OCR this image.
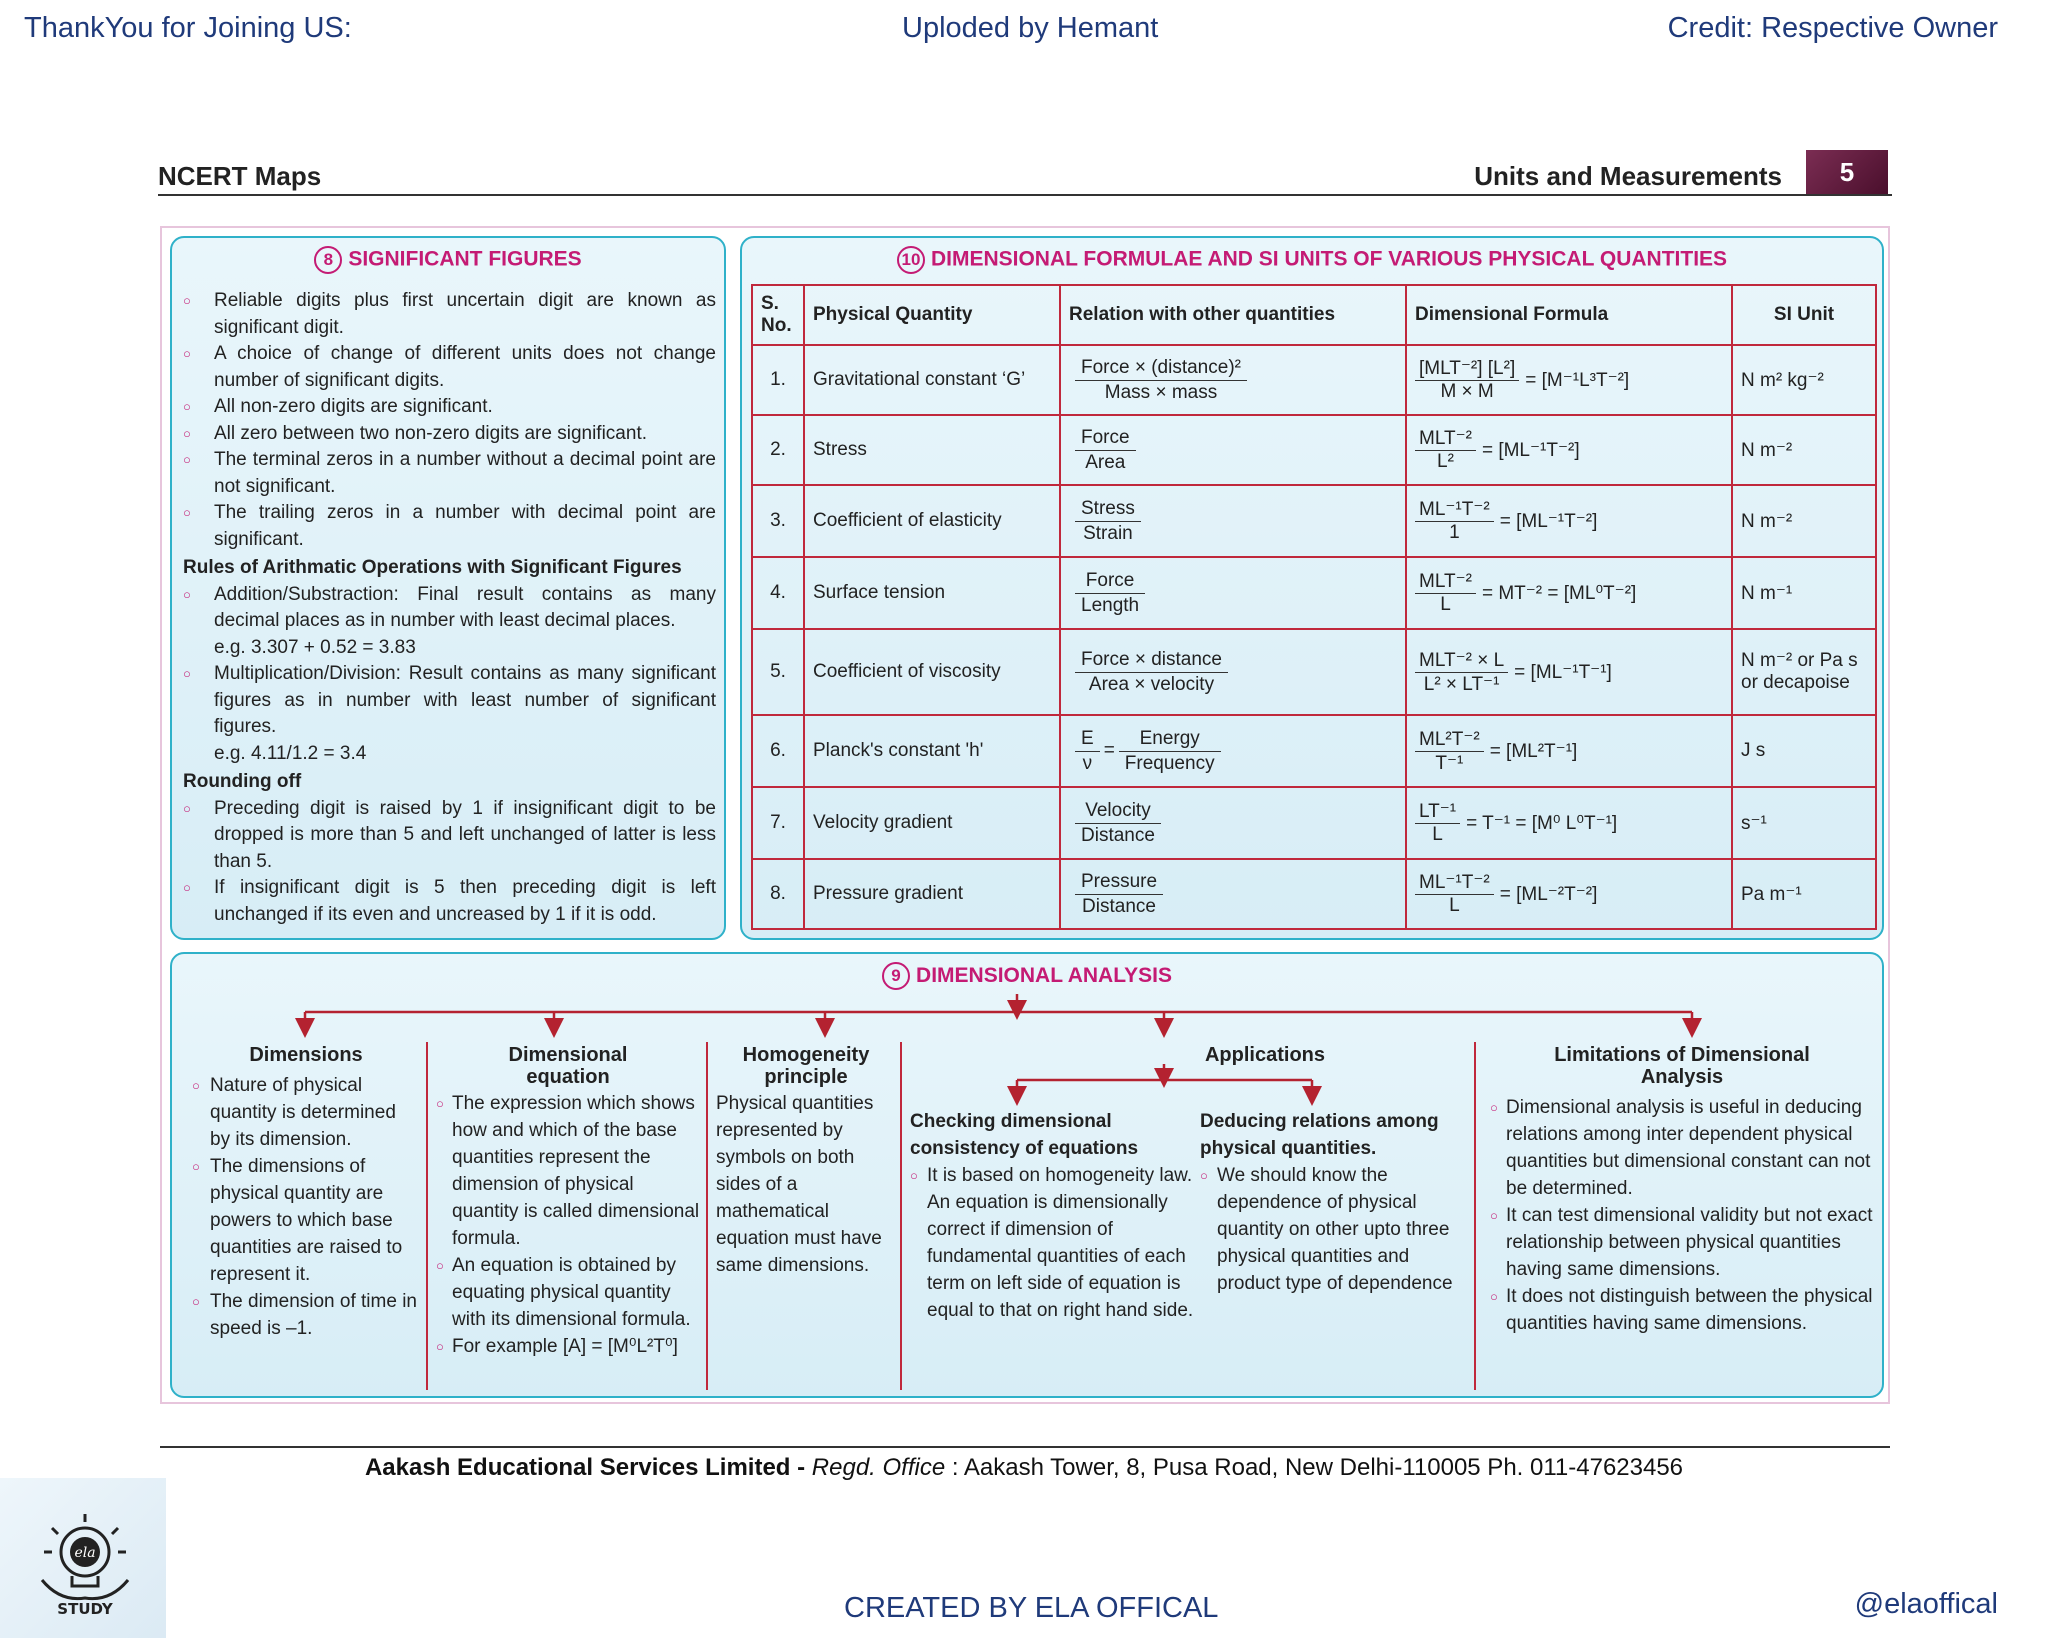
ThankYou for Joining US:	Uploded by Hemant	Credit: Respective Owner
NCERT Maps	Units and Measurements	5
8 SIGNIFICANT FIGURES
○ Reliable digits plus first uncertain digit are known as significant digit.
○ A choice of change of different units does not change number of significant digits.
○ All non-zero digits are significant.
○ All zero between two non-zero digits are significant.
○ The terminal zeros in a number without a decimal point are not significant.
○ The trailing zeros in a number with decimal point are significant.
Rules of Arithmatic Operations with Significant Figures
○ Addition/Substraction: Final result contains as many decimal places as in number with least decimal places.
e.g. 3.307 + 0.52 = 3.83
○ Multiplication/Division: Result contains as many significant figures as in number with least number of significant figures.
e.g. 4.11/1.2 = 3.4
Rounding off
○ Preceding digit is raised by 1 if insignificant digit to be dropped is more than 5 and left unchanged of latter is less than 5.
○ If insignificant digit is 5 then preceding digit is left unchanged if its even and uncreased by 1 if it is odd.
10 DIMENSIONAL FORMULAE AND SI UNITS OF VARIOUS PHYSICAL QUANTITIES
S. No.	Physical Quantity	Relation with other quantities	Dimensional Formula	SI Unit
1.	Gravitational constant ‘G’	$\frac{\text{Force × (distance)²}}{\text{Mass × mass}}$	$\frac{\text{[MLT⁻²] [L²]}}{M \times M} = [M^{-1}L^3T^{-2}]$	N m² kg⁻²
2.	Stress	$\frac{\text{Force}}{\text{Area}}$	$\frac{\text{MLT⁻²}}{\text{L²}} = [ML^{-1}T^{-2}]$	N m⁻²
3.	Coefficient of elasticity	$\frac{\text{Stress}}{\text{Strain}}$	$\frac{\text{ML⁻¹T⁻²}}{1} = [ML^{-1}T^{-2}]$	N m⁻²
4.	Surface tension	$\frac{\text{Force}}{\text{Length}}$	$\frac{\text{MLT⁻²}}{L} = MT^{-2} = [ML^0T^{-2}]$	N m⁻¹
5.	Coefficient of viscosity	$\frac{\text{Force × distance}}{\text{Area × velocity}}$	$\frac{\text{MLT⁻² × L}}{\text{L² × LT⁻¹}} = [ML^{-1}T^{-1}]$	N m⁻² or Pa s or decapoise
6.	Planck's constant 'h'	$\frac{E}{\nu} = \frac{\text{Energy}}{\text{Frequency}}$	$\frac{\text{ML²T⁻²}}{\text{T⁻¹}} = [ML^2T^{-1}]$	J s
7.	Velocity gradient	$\frac{\text{Velocity}}{\text{Distance}}$	$\frac{\text{LT⁻¹}}{L} = T^{-1} = [M^0$ L⁰T⁻¹]	s⁻¹
8.	Pressure gradient	$\frac{\text{Pressure}}{\text{Distance}}$	$\frac{\text{ML⁻¹T⁻²}}{L} = [ML^{-2}T^{-2}]$	Pa m⁻¹
9 DIMENSIONAL ANALYSIS
Dimensions
○ Nature of physical quantity is determined by its dimension.
○ The dimensions of physical quantity are powers to which base quantities are raised to represent it.
○ The dimension of time in speed is –1.
Dimensional equation
○ The expression which shows how and which of the base quantities represent the dimension of physical quantity is called dimensional formula.
○ An equation is obtained by equating physical quantity with its dimensional formula.
○ For example [A] = [M⁰L²T⁰]
Homogeneity principle
Physical quantities represented by symbols on both sides of a mathematical equation must have same dimensions.
Applications
Checking dimensional consistency of equations
○ It is based on homogeneity law. An equation is dimensionally correct if dimension of fundamental quantities of each term on left side of equation is equal to that on right hand side.
Deducing relations among physical quantities.
○ We should know the dependence of physical quantity on other upto three physical quantities and product type of dependence
Limitations of Dimensional Analysis
○ Dimensional analysis is useful in deducing relations among inter dependent physical quantities but dimensional constant can not be determined.
○ It can test dimensional validity but not exact relationship between physical quantities having same dimensions.
○ It does not distinguish between the physical quantities having same dimensions.
Aakash Educational Services Limited - Regd. Office : Aakash Tower, 8, Pusa Road, New Delhi-110005 Ph. 011-47623456
ela
STUDY	CREATED BY ELA OFFICAL	@elaoffical
